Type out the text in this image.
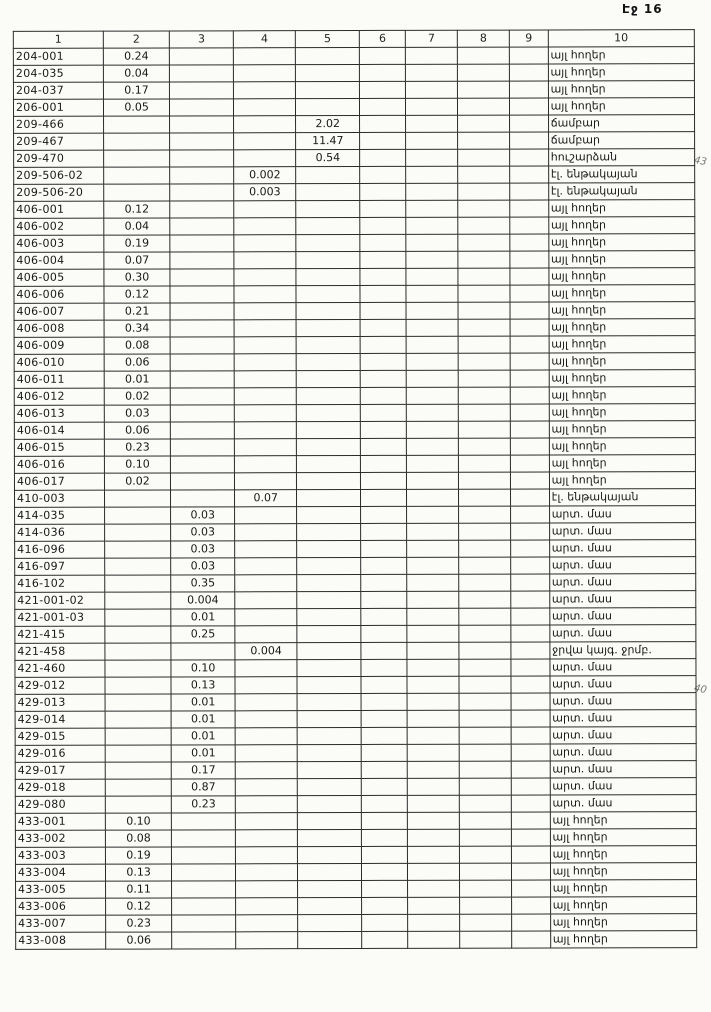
Էջ 16
43
40
1	2	3	4	5	6	7	8	9	10
204-001	0.24								այլ հողեր
204-035	0.04								այլ հողեր
204-037	0.17								այլ հողեր
206-001	0.05								այլ հողեր
209-466				2.02					ճամբար
209-467				11.47					ճամբար
209-470				0.54					հուշարձան
209-506-02			0.002						էլ. ենթակայան
209-506-20			0.003						էլ. ենթակայան
406-001	0.12								այլ հողեր
406-002	0.04								այլ հողեր
406-003	0.19								այլ հողեր
406-004	0.07								այլ հողեր
406-005	0.30								այլ հողեր
406-006	0.12								այլ հողեր
406-007	0.21								այլ հողեր
406-008	0.34								այլ հողեր
406-009	0.08								այլ հողեր
406-010	0.06								այլ հողեր
406-011	0.01								այլ հողեր
406-012	0.02								այլ հողեր
406-013	0.03								այլ հողեր
406-014	0.06								այլ հողեր
406-015	0.23								այլ հողեր
406-016	0.10								այլ հողեր
406-017	0.02								այլ հողեր
410-003			0.07						էլ. ենթակայան
414-035		0.03							արտ. մաս
414-036		0.03							արտ. մաս
416-096		0.03							արտ. մաս
416-097		0.03							արտ. մաս
416-102		0.35							արտ. մաս
421-001-02		0.004							արտ. մաս
421-001-03		0.01							արտ. մաս
421-415		0.25							արտ. մաս
421-458			0.004						ջրվա կայգ. ջրմբ.
421-460		0.10							արտ. մաս
429-012		0.13							արտ. մաս
429-013		0.01							արտ. մաս
429-014		0.01							արտ. մաս
429-015		0.01							արտ. մաս
429-016		0.01							արտ. մաս
429-017		0.17							արտ. մաս
429-018		0.87							արտ. մաս
429-080		0.23							արտ. մաս
433-001	0.10								այլ հողեր
433-002	0.08								այլ հողեր
433-003	0.19								այլ հողեր
433-004	0.13								այլ հողեր
433-005	0.11								այլ հողեր
433-006	0.12								այլ հողեր
433-007	0.23								այլ հողեր
433-008	0.06								այլ հողեր
